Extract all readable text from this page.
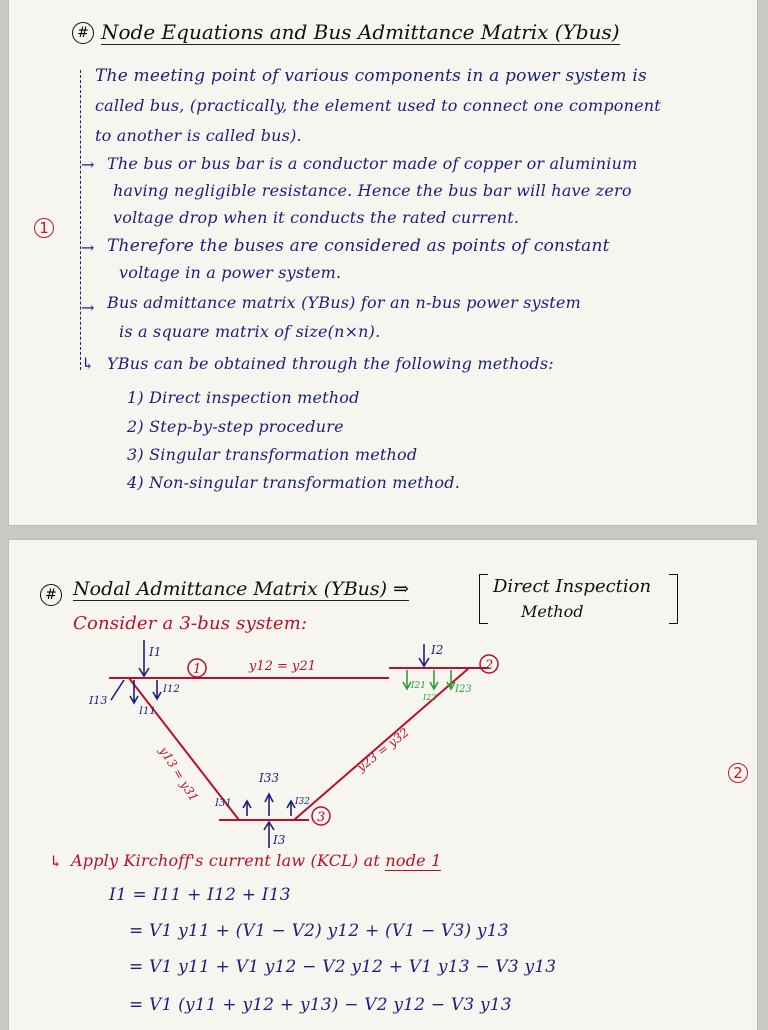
# Node Equations and Bus Admittance Matrix (Ybus)
1
The meeting point of various components in a power system is
called bus, (practically, the element used to connect one component
to another is called bus).
→ The bus or bus bar is a conductor made of copper or aluminium
having negligible resistance. Hence the bus bar will have zero
voltage drop when it conducts the rated current.
→ Therefore the buses are considered as points of constant
voltage in a power system.
→ Bus admittance matrix (YBus) for an n-bus power system
is a square matrix of size(n×n).
↳ YBus can be obtained through the following methods:
1) Direct inspection method
2) Step-by-step procedure
3) Singular transformation method
4) Non-singular transformation method.
# Nodal Admittance Matrix (YBus) ⇒	Direct Inspection
Method
2
Consider a 3-bus system:
1	2
3
I1	I2
I3
I13
I11
I12	I21
I22
I23
I31
I33
I32
y12 = y21
y13 = y31	y23 = y32
↳ Apply Kirchoff's current law (KCL) at node 1
I1 = I11 + I12 + I13
= V1 y11 + (V1 − V2) y12 + (V1 − V3) y13
= V1 y11 + V1 y12 − V2 y12 + V1 y13 − V3 y13
= V1 (y11 + y12 + y13) − V2 y12 − V3 y13
